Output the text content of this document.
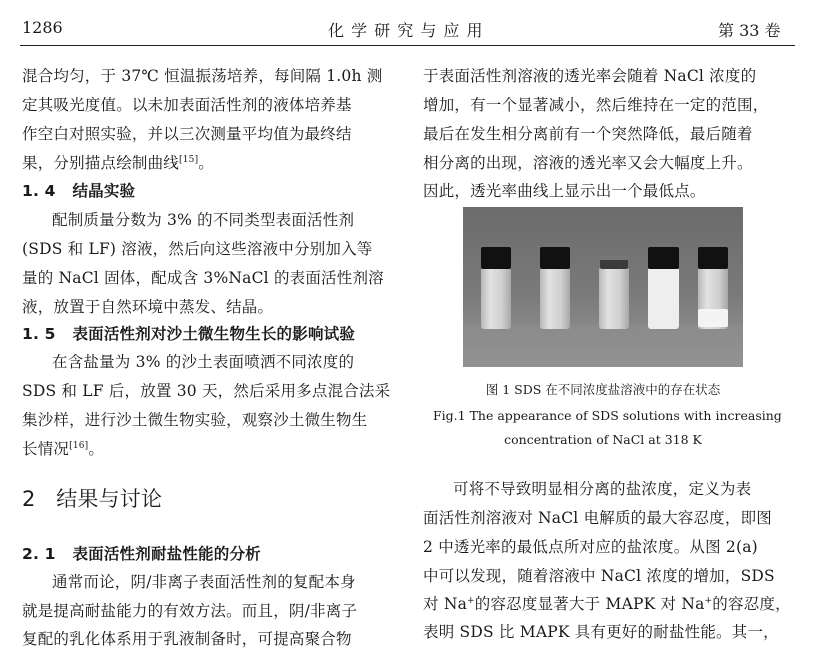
1286	化 学 研 究 与 应 用	第 33 卷
混合均匀，于 37℃ 恒温振荡培养，每间隔 1.0h 测
定其吸光度值。以未加表面活性剂的液体培养基
作空白对照实验，并以三次测量平均值为最终结
果，分别描点绘制曲线[15]。
1. 4 结晶实验
配制质量分数为 3% 的不同类型表面活性剂
(SDS 和 LF) 溶液，然后向这些溶液中分别加入等
量的 NaCl 固体，配成含 3%NaCl 的表面活性剂溶
液，放置于自然环境中蒸发、结晶。
1. 5 表面活性剂对沙土微生物生长的影响试验
在含盐量为 3% 的沙土表面喷洒不同浓度的
SDS 和 LF 后，放置 30 天，然后采用多点混合法采
集沙样，进行沙土微生物实验，观察沙土微生物生
长情况[16]。
2 结果与讨论
2. 1 表面活性剂耐盐性能的分析
通常而论，阴/非离子表面活性剂的复配本身
就是提高耐盐能力的有效方法。而且，阴/非离子
复配的乳化体系用于乳液制备时，可提高聚合物
于表面活性剂溶液的透光率会随着 NaCl 浓度的
增加，有一个显著减小，然后维持在一定的范围，
最后在发生相分离前有一个突然降低，最后随着
相分离的出现，溶液的透光率又会大幅度上升。
因此，透光率曲线上显示出一个最低点。
图 1 SDS 在不同浓度盐溶液中的存在状态
Fig.1 The appearance of SDS solutions with increasing
concentration of NaCl at 318 K
可将不导致明显相分离的盐浓度，定义为表
面活性剂溶液对 NaCl 电解质的最大容忍度，即图
2 中透光率的最低点所对应的盐浓度。从图 2(a)
中可以发现，随着溶液中 NaCl 浓度的增加，SDS
对 Na+的容忍度显著大于 MAPK 对 Na+的容忍度，
表明 SDS 比 MAPK 具有更好的耐盐性能。其一，
